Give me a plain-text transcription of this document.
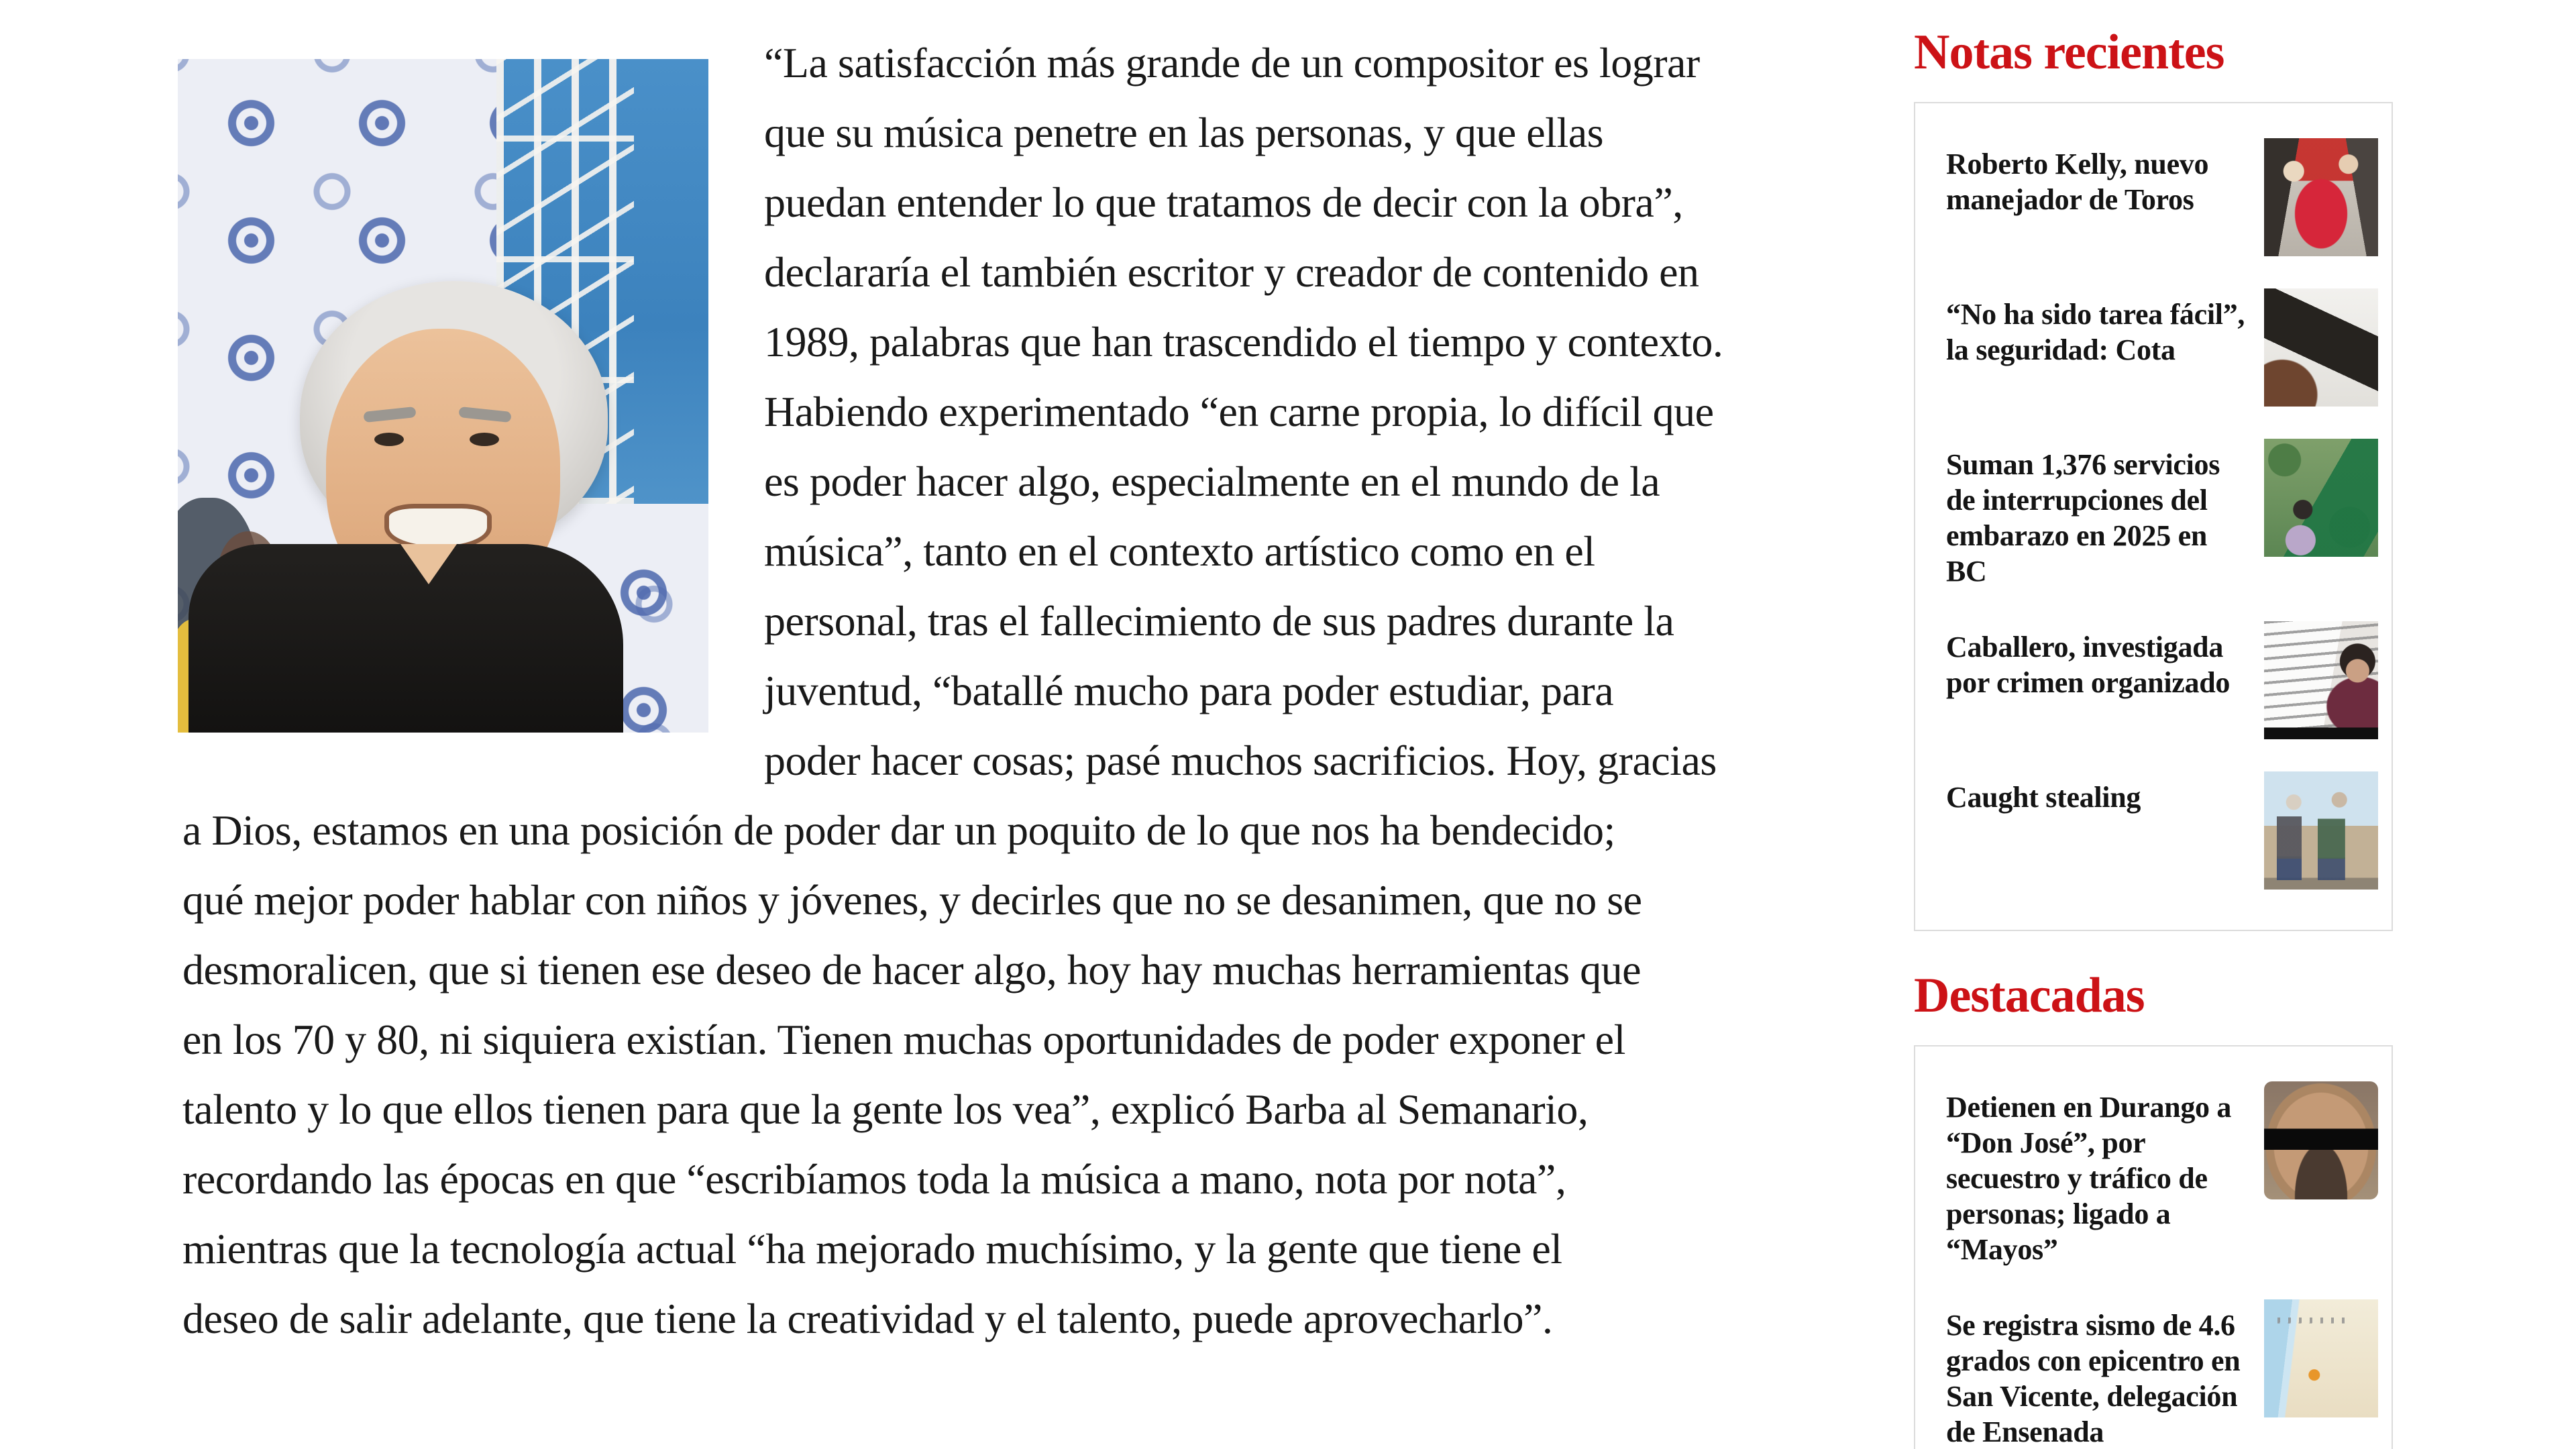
“La satisfacción más grande de un compositor es lograr
que su música penetre en las personas, y que ellas
puedan entender lo que tratamos de decir con la obra”,
declararía el también escritor y creador de contenido en
1989, palabras que han trascendido el tiempo y contexto.
Habiendo experimentado “en carne propia, lo difícil que
es poder hacer algo, especialmente en el mundo de la
música”, tanto en el contexto artístico como en el
personal, tras el fallecimiento de sus padres durante la
juventud, “batallé mucho para poder estudiar, para
poder hacer cosas; pasé muchos sacrificios. Hoy, gracias
a Dios, estamos en una posición de poder dar un poquito de lo que nos ha bendecido;
qué mejor poder hablar con niños y jóvenes, y decirles que no se desanimen, que no se
desmoralicen, que si tienen ese deseo de hacer algo, hoy hay muchas herramientas que
en los 70 y 80, ni siquiera existían. Tienen muchas oportunidades de poder exponer el
talento y lo que ellos tienen para que la gente los vea”, explicó Barba al Semanario,
recordando las épocas en que “escribíamos toda la música a mano, nota por nota”,
mientras que la tecnología actual “ha mejorado muchísimo, y la gente que tiene el
deseo de salir adelante, que tiene la creatividad y el talento, puede aprovecharlo”.
Notas recientes
Roberto Kelly, nuevo manejador de Toros
“No ha sido tarea fácil”, la seguridad: Cota
Suman 1,376 servicios de interrupciones del embarazo en 2025 en BC
Caballero, investigada por crimen organizado
Caught stealing
Destacadas
Detienen en Durango a “Don José”, por secuestro y tráfico de personas; ligado a “Mayos”
Se registra sismo de 4.6 grados con epicentro en San Vicente, delegación de Ensenada
